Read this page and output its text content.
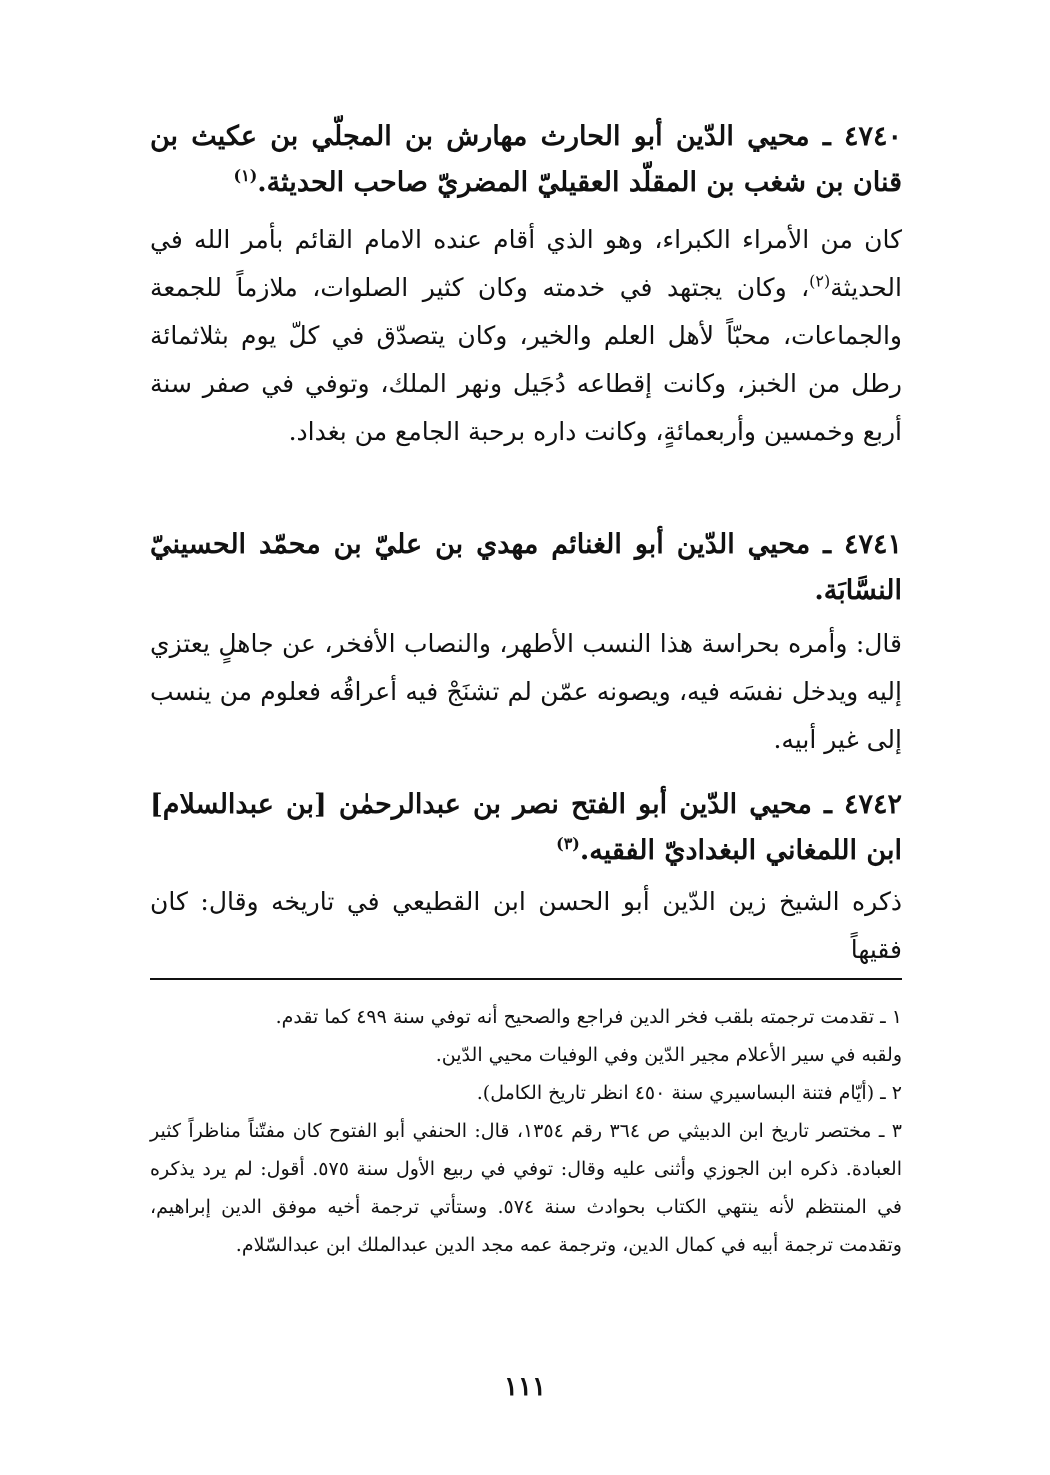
٤٧٤٠ ـ محيي الدّين أبو الحارث مهارش بن المجلّي بن عكيث بن قنان بن شغب بن المقلّد العقيليّ المضريّ صاحب الحديثة.$^{(١)}$

كان من الأمراء الكبراء، وهو الذي أقام عنده الامام القائم بأمر الله في الحديثة$^{(٢)}$، وكان يجتهد في خدمته وكان كثير الصلوات، ملازماً للجمعة والجماعات، محبّاً لأهل العلم والخير، وكان يتصدّق في كلّ يوم بثلاثمائة رطل من الخبز، وكانت إقطاعه دُجَيل ونهر الملك، وتوفي في صفر سنة أربع وخمسين وأربعمائةٍ، وكانت داره برحبة الجامع من بغداد.

٤٧٤١ ـ محيي الدّين أبو الغنائم مهدي بن عليّ بن محمّد الحسينيّ النسَّابَة.

قال: وأمره بحراسة هذا النسب الأطهر، والنصاب الأفخر، عن جاهلٍ يعتزي إليه ويدخل نفسَه فيه، ويصونه عمّن لم تشنَجْ فيه أعراقُه فعلوم من ينسب إلى غير أبيه.

٤٧٤٢ ـ محيي الدّين أبو الفتح نصر بن عبدالرحمٰن [بن عبدالسلام] ابن اللمغاني البغداديّ الفقيه.$^{(٣)}$

ذكره الشيخ زين الدّين أبو الحسن ابن القطيعي في تاريخه وقال: كان فقيهاً

١ ـ تقدمت ترجمته بلقب فخر الدين فراجع والصحيح أنه توفي سنة ٤٩٩ كما تقدم.

ولقبه في سير الأعلام مجير الدّين وفي الوفيات محيي الدّين.

٢ ـ (أيّام فتنة البساسيري سنة ٤٥٠ انظر تاريخ الكامل).

٣ ـ مختصر تاريخ ابن الدبيثي ص ٣٦٤ رقم ١٣٥٤، قال: الحنفي أبو الفتوح كان مفتّناً مناظراً كثير العبادة. ذكره ابن الجوزي وأثنى عليه وقال: توفي في ربيع الأول سنة ٥٧٥. أقول: لم يرد يذكره في المنتظم لأنه ينتهي الكتاب بحوادث سنة ٥٧٤. وستأتي ترجمة أخيه موفق الدين إبراهيم، وتقدمت ترجمة أبيه في كمال الدين، وترجمة عمه مجد الدين عبدالملك ابن عبدالسّلام.

١١١
